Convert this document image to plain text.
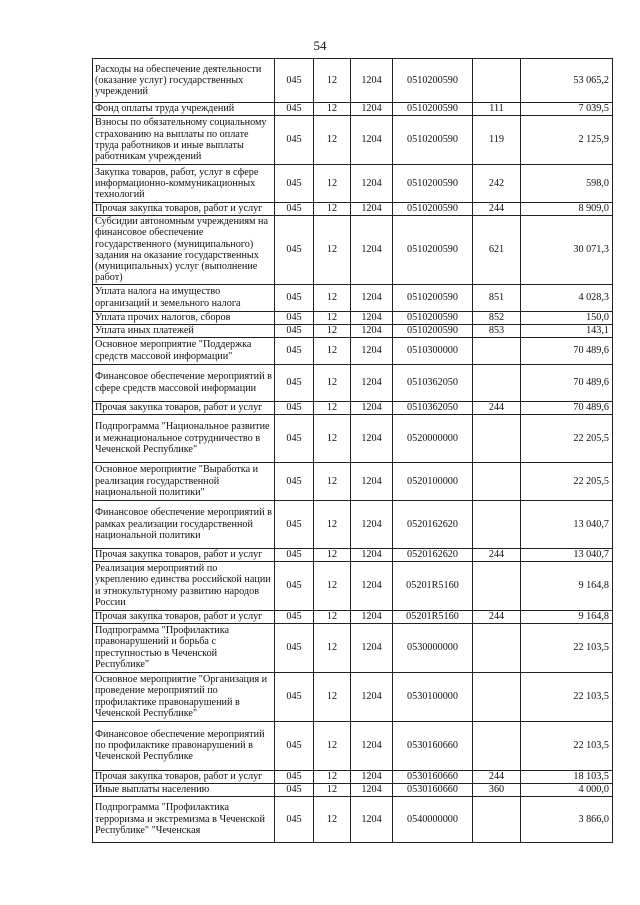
54
Расходы на обеспечение деятельности (оказание услуг) государственных учреждений	045	12	1204	0510200590		53 065,2
Фонд оплаты труда учреждений	045	12	1204	0510200590	111	7 039,5
Взносы по обязательному социальному страхованию на выплаты по оплате труда работников и иные выплаты работникам учреждений	045	12	1204	0510200590	119	2 125,9
Закупка товаров, работ, услуг в сфере информационно-коммуникационных технологий	045	12	1204	0510200590	242	598,0
Прочая закупка товаров, работ и услуг	045	12	1204	0510200590	244	8 909,0
Субсидии автономным учреждениям на финансовое обеспечение государственного (муниципального) задания на оказание государственных (муниципальных) услуг (выполнение работ)	045	12	1204	0510200590	621	30 071,3
Уплата налога на имущество организаций и земельного налога	045	12	1204	0510200590	851	4 028,3
Уплата прочих налогов, сборов	045	12	1204	0510200590	852	150,0
Уплата иных платежей	045	12	1204	0510200590	853	143,1
Основное мероприятие "Поддержка средств массовой информации"	045	12	1204	0510300000		70 489,6
Финансовое обеспечение мероприятий в сфере средств массовой информации	045	12	1204	0510362050		70 489,6
Прочая закупка товаров, работ и услуг	045	12	1204	0510362050	244	70 489,6
Подпрограмма "Национальное развитие и межнациональное сотрудничество в Чеченской Республике"	045	12	1204	0520000000		22 205,5
Основное мероприятие "Выработка и реализация государственной национальной политики"	045	12	1204	0520100000		22 205,5
Финансовое обеспечение мероприятий в рамках реализации государственной национальной политики	045	12	1204	0520162620		13 040,7
Прочая закупка товаров, работ и услуг	045	12	1204	0520162620	244	13 040,7
Реализация мероприятий по укреплению единства российской нации и этнокультурному развитию народов России	045	12	1204	05201R5160		9 164,8
Прочая закупка товаров, работ и услуг	045	12	1204	05201R5160	244	9 164,8
Подпрограмма "Профилактика правонарушений и борьба с преступностью в Чеченской Республике"	045	12	1204	0530000000		22 103,5
Основное мероприятие "Организация и проведение мероприятий по профилактике правонарушений в Чеченской Республике"	045	12	1204	0530100000		22 103,5
Финансовое обеспечение мероприятий по профилактике правонарушений в Чеченской Республике	045	12	1204	0530160660		22 103,5
Прочая закупка товаров, работ и услуг	045	12	1204	0530160660	244	18 103,5
Иные выплаты населению	045	12	1204	0530160660	360	4 000,0
Подпрограмма "Профилактика терроризма и экстремизма в Чеченской Республике" "Чеченская	045	12	1204	0540000000		3 866,0
